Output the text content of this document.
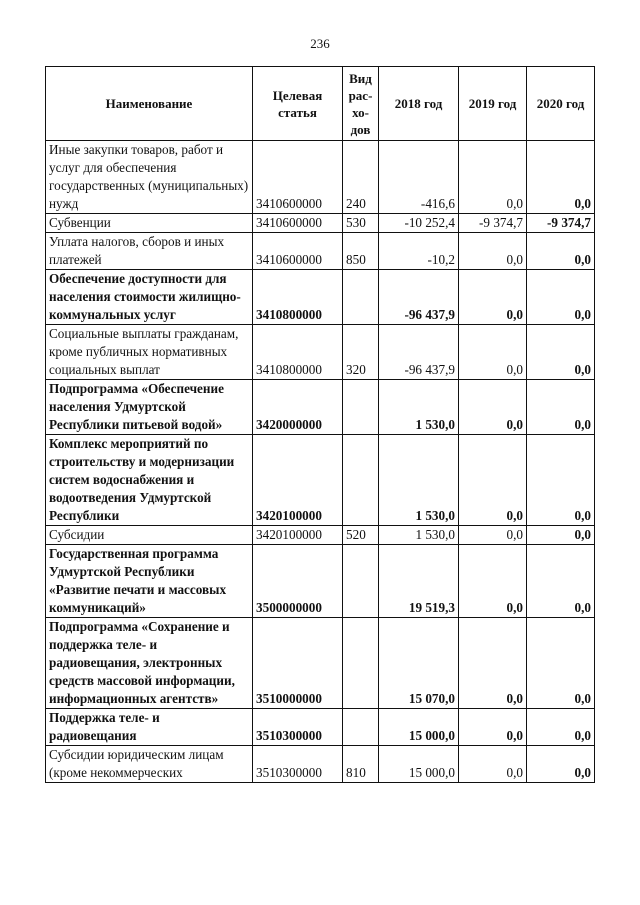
236
Наименование	Целевая статья	Вид рас-хо-дов	2018 год	2019 год	2020 год
Иные закупки товаров, работ и услуг для обеспечения государственных (муниципальных) нужд	3410600000	240	-416,6	0,0	0,0
Субвенции	3410600000	530	-10 252,4	-9 374,7	-9 374,7
Уплата налогов, сборов и иных платежей	3410600000	850	-10,2	0,0	0,0
Обеспечение доступности для населения стоимости жилищно-коммунальных услуг	3410800000		-96 437,9	0,0	0,0
Социальные выплаты гражданам, кроме публичных нормативных социальных выплат	3410800000	320	-96 437,9	0,0	0,0
Подпрограмма «Обеспечение населения Удмуртской Республики питьевой водой»	3420000000		1 530,0	0,0	0,0
Комплекс мероприятий по строительству и модернизации систем водоснабжения и водоотведения Удмуртской Республики	3420100000		1 530,0	0,0	0,0
Субсидии	3420100000	520	1 530,0	0,0	0,0
Государственная программа Удмуртской Республики «Развитие печати и массовых коммуникаций»	3500000000		19 519,3	0,0	0,0
Подпрограмма «Сохранение и поддержка теле- и радиовещания, электронных средств массовой информации, информационных агентств»	3510000000		15 070,0	0,0	0,0
Поддержка теле- и радиовещания	3510300000		15 000,0	0,0	0,0
Субсидии юридическим лицам (кроме некоммерческих	3510300000	810	15 000,0	0,0	0,0
